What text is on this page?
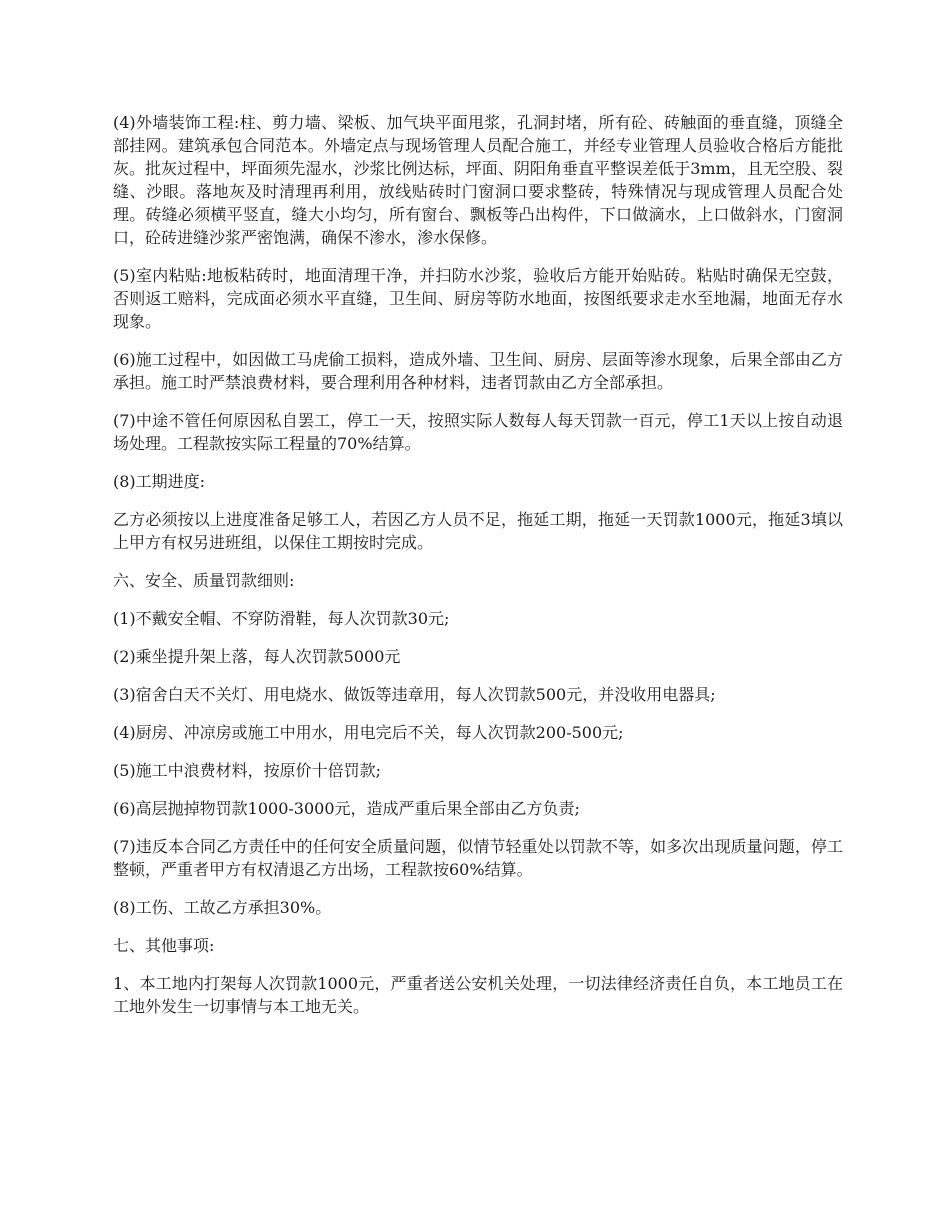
(4)外墙装饰工程:柱、剪力墙、梁板、加气块平面甩浆，孔洞封堵，所有砼、砖触面的垂直缝，顶缝全部挂网。建筑承包合同范本。外墙定点与现场管理人员配合施工，并经专业管理人员验收合格后方能批灰。批灰过程中，坪面须先湿水，沙浆比例达标，坪面、阴阳角垂直平整误差低于3mm，且无空股、裂缝、沙眼。落地灰及时清理再利用，放线贴砖时门窗洞口要求整砖，特殊情况与现成管理人员配合处理。砖缝必须横平竖直，缝大小均匀，所有窗台、飘板等凸出构件，下口做滴水，上口做斜水，门窗洞口，砼砖进缝沙浆严密饱满，确保不渗水，渗水保修。

(5)室内粘贴:地板粘砖时，地面清理干净，并扫防水沙浆，验收后方能开始贴砖。粘贴时确保无空鼓，否则返工赔料，完成面必须水平直缝，卫生间、厨房等防水地面，按图纸要求走水至地漏，地面无存水现象。

(6)施工过程中，如因做工马虎偷工损料，造成外墙、卫生间、厨房、层面等渗水现象，后果全部由乙方承担。施工时严禁浪费材料，要合理利用各种材料，违者罚款由乙方全部承担。

(7)中途不管任何原因私自罢工，停工一天，按照实际人数每人每天罚款一百元，停工1天以上按自动退场处理。工程款按实际工程量的70%结算。

(8)工期进度:

乙方必须按以上进度准备足够工人，若因乙方人员不足，拖延工期，拖延一天罚款1000元，拖延3填以上甲方有权另进班组，以保住工期按时完成。

六、安全、质量罚款细则:

(1)不戴安全帽、不穿防滑鞋，每人次罚款30元;

(2)乘坐提升架上落，每人次罚款5000元

(3)宿舍白天不关灯、用电烧水、做饭等违章用，每人次罚款500元，并没收用电器具;

(4)厨房、冲凉房或施工中用水，用电完后不关，每人次罚款200-500元;

(5)施工中浪费材料，按原价十倍罚款;

(6)高层抛掉物罚款1000-3000元，造成严重后果全部由乙方负责;

(7)违反本合同乙方责任中的任何安全质量问题，似情节轻重处以罚款不等，如多次出现质量问题，停工整顿，严重者甲方有权清退乙方出场，工程款按60%结算。

(8)工伤、工故乙方承担30%。

七、其他事项:

1、本工地内打架每人次罚款1000元，严重者送公安机关处理，一切法律经济责任自负，本工地员工在工地外发生一切事情与本工地无关。
